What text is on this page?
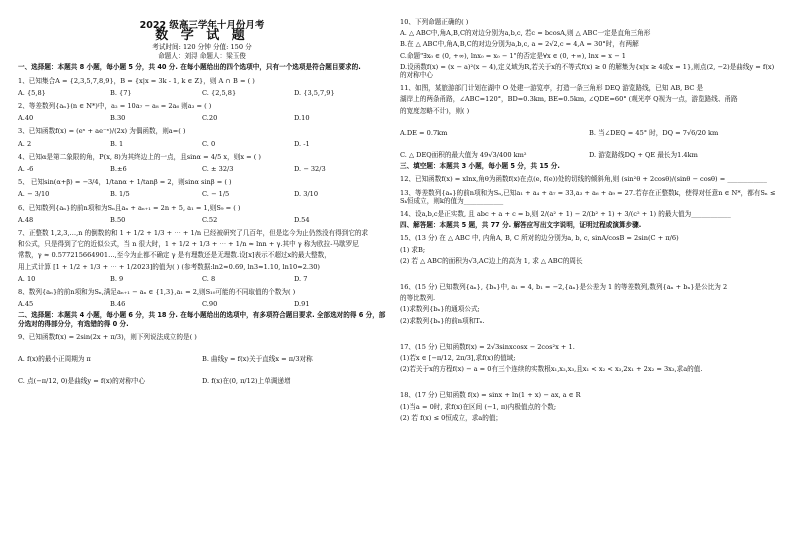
2022 级高三学年十月份月考
数 学 试 题
考试时间: 120 分钟 分值: 150 分
命题人：刘浔 命题人：梁玉俊
一、选择题：本题共 8 小题，每小题 5 分，共 40 分. 在每小题给出的四个选项中，只有一个选项是符合题目要求的.
1、已知集合A = {2,3,5,7,8,9}，B = {x|x = 3k - 1, k ∈ Z}，则 A ∩ B = ( )
A. {5,8}	B. {7}	C. {2,5,8}	D. {3,5,7,9}
2、等差数列{aₙ}(n ∈ N*)中，a₂ = 10a₇ − a₈ = 2a₆ 则a₃ = ( )
A.40	B.30	C.20	D.10
3、已知函数f(x) = (eˣ + ae⁻ˣ)/(2x) 为偶函数，则a=( )
A. 2	B. 1	C. 0	D. -1
4、已知α是第二象限的角，P(x, 8)为其终边上的一点，且sinα = 4/5 x，则x = ( )
A. -6	B.±6	C. ± 32/3	D. − 32/3
5、 已知sin(α+β) = −3/4，1/tanα + 1/tanβ = 2，则sinα sinβ = ( )
A. − 3/10	B. 1/5	C. − 1/5	D. 3/10
6、已知数列{aₙ}的前n项和为Sₙ且aₙ + aₙ₊₁ = 2n + 5, a₁ = 1,则S₉ = ( )
A.48	B.50	C.52	D.54
7、正整数 1,2,3,…,n 的倒数的和 1 + 1/2 + 1/3 + ⋯ + 1/n 已经被研究了几百年，但是迄今为止仍然没有得到它的求
和公式，只是得到了它的近似公式，当 n 很大时，1 + 1/2 + 1/3 + ⋯ + 1/n ≈ lnn + γ.其中 γ 称为欧拉-马歇罗尼
常数，γ ≈ 0.577215664901…,至今为止都不确定 γ 是有理数还是无理数.设[x]表示不超过x的最大整数，
用上式计算 [1 + 1/2 + 1/3 + ⋯ + 1/2023]的值为( ) (参考数据:ln2≈0.69, ln3≈1.10, ln10≈2.30)
A. 10	B. 9	C. 8	D. 7
8、数列{aₙ}的前n项和为Sₙ,满足aₙ₊₁ − aₙ ∈ {1,3},a₁ = 2,则S₁₀可能的不同取值的个数为( )
A.45	B.46	C.90	D.91
二、选择题：本题共 4 小题，每小题 6 分，共 18 分. 在每小题给出的选项中，有多项符合题目要求. 全部选对的得 6 分，部分选对的得部分分，有选错的得 0 分.
9、已知函数f(x) = 2sin(2x + π/3)，则下列说法成立的是( )
A. f(x)的最小正周期为 π	B. 曲线y = f(x)关于直线x = π/3对称
C. 点(−π/12, 0)是曲线y = f(x)的对称中心	D. f(x)在(0, π/12)上单调递增
10、下列命题正确的( )
A. △ ABC中,角A,B,C的对边分别为a,b,c, 若c = bcosA,则 △ ABC一定是直角三角形
B.在 △ ABC中,角A,B,C的对边分别为a,b,c, a = 2√2,c = 4,A = 30°时，有两解
C.命题"∃x₀ ∈ (0, +∞), lnx₀ = x₀ − 1"的否定是∀x ∈ (0, +∞), lnx = x − 1
D.设函数f(x) = (x − a)²(x − 4),定义域为R,若关于x的不等式f(x) ≥ 0 的解集为{x|x ≥ 4或x = 1},则点(2, −2)是曲线y = f(x)的对称中心
11、如图，某旅游部门计划在湖中 O 处建一游览亭，打造一条三角形 DEQ 游览路线，已知 AB, BC 是
湖岸上的两条甬路，∠ABC=120°，BD=0.3km, BE=0.5km, ∠QDE=60° (观光亭 Q视为一点，游览路线、甬路
的宽度忽略不计)，则( )
A.DE = 0.7km	B. 当∠DEQ = 45° 时，DQ = 7√6/20 km
C. △ DEQ面积的最大值为 49√3/400 km²	D. 游览路线DQ + QE 最长为1.4km
三、填空题：本题共 3 小题，每小题 5 分，共 15 分.
12、已知函数f(x) = xlnx,角θ为函数f(x)在点(e, f(e))处的切线的倾斜角,则 (sin²θ + 2cosθ)/(sinθ − cosθ) = ____________
13、等差数列{aₙ}的前n项和为Sₙ,已知a₁ + a₄ + a₇ = 33,a₃ + a₆ + a₉ = 27.若存在正整数k，使得对任意n ∈ N*，都有Sₙ ≤ Sₖ恒成立，则k的值为____________
14、设a,b,c是正实数, 且 abc + a + c = b,则 2/(a² + 1) − 2/(b² + 1) + 3/(c² + 1) 的最大值为____________
四、解答题：本题共 5 题，共 77 分. 解答应写出文字说明，证明过程或演算步骤.
15、(13 分) 在 △ ABC 中, 内角A, B, C 所对的边分别为a, b, c, sinA/cosB = 2sin(C + π/6)
(1) 求B;
(2) 若 △ ABC的面积为√3,AC边上的高为 1, 求 △ ABC的周长
16、(15 分) 已知数列{aₙ}, {bₙ}中, a₁ = 4, b₁ = −2,{aₙ}是公差为 1 的等差数列,数列{aₙ + bₙ}是公比为 2
的等比数列.
(1)求数列{bₙ}的通项公式;
(2)求数列{bₙ}的前n项和Tₙ.
17、(15 分) 已知函数f(x) = 2√3sinxcosx − 2cos²x + 1.
(1)若x ∈ [−π/12, 2π/3],求f(x)的值域;
(2)若关于x的方程f(x) − a = 0有三个连续的实数根x₁,x₂,x₃,且x₁ < x₂ < x₃,2x₁ + 2x₂ = 3x₃,求a的值.
18、(17 分) 已知函数 f(x) = sinx + ln(1 + x) − ax, a ∈ R
(1)当a = 0时, 求f(x)在区间 (−1, π)内极值点的个数;
(2) 若 f(x) ≤ 0恒成立，求a的值；
